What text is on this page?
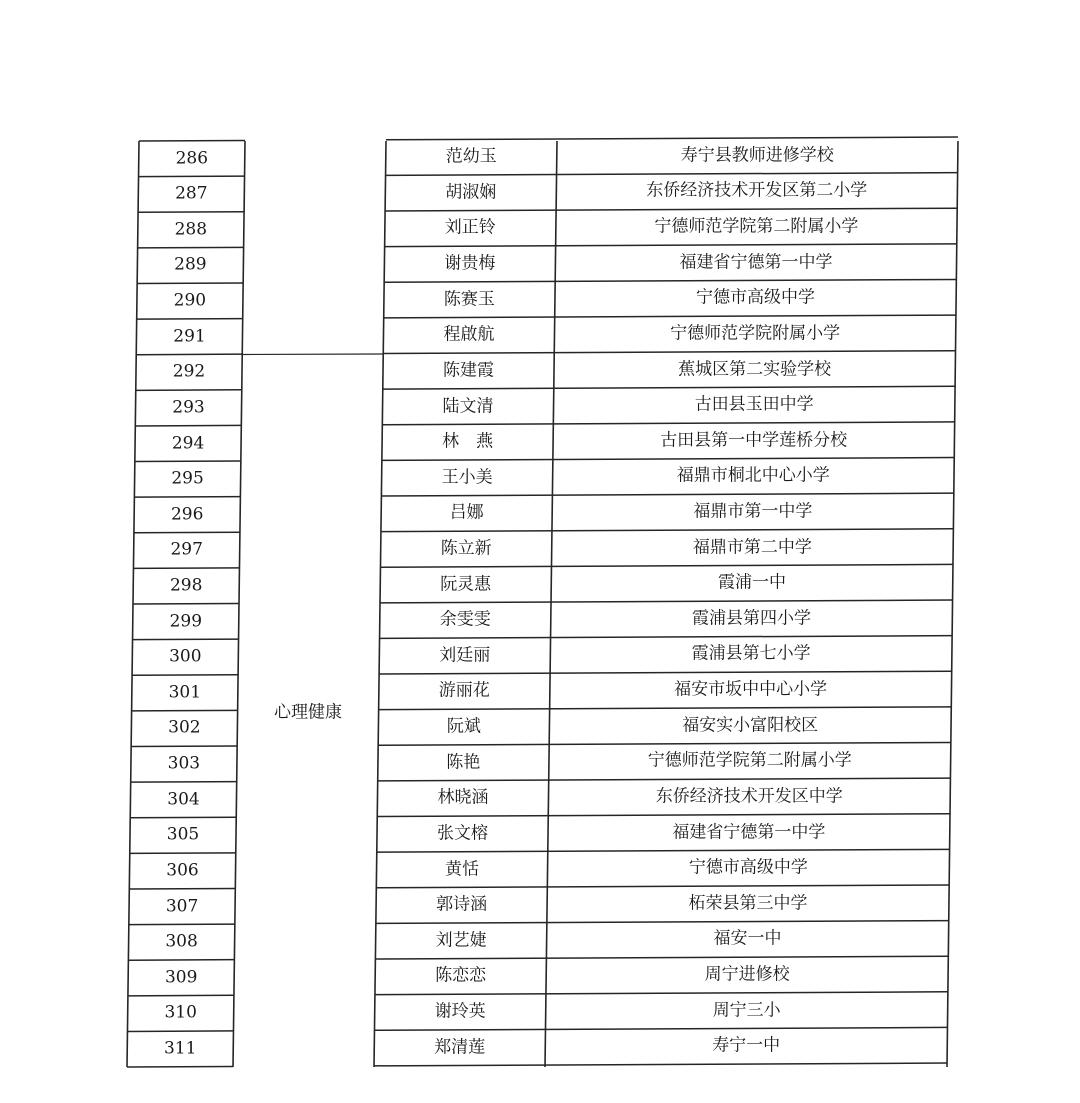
心理健康
286	范幼玉	寿宁县教师进修学校
287	胡淑娴	东侨经济技术开发区第二小学
288	刘正铃	宁德师范学院第二附属小学
289	谢贵梅	福建省宁德第一中学
290	陈赛玉	宁德市高级中学
291	程啟航	宁德师范学院附属小学
292	陈建霞	蕉城区第二实验学校
293	陆文清	古田县玉田中学
294	林　燕	古田县第一中学莲桥分校
295	王小美	福鼎市桐北中心小学
296	吕娜	福鼎市第一中学
297	陈立新	福鼎市第二中学
298	阮灵惠	霞浦一中
299	余雯雯	霞浦县第四小学
300	刘廷丽	霞浦县第七小学
301	游丽花	福安市坂中中心小学
302	阮斌	福安实小富阳校区
303	陈艳	宁德师范学院第二附属小学
304	林晓涵	东侨经济技术开发区中学
305	张文榕	福建省宁德第一中学
306	黄恬	宁德市高级中学
307	郭诗涵	柘荣县第三中学
308	刘艺婕	福安一中
309	陈恋恋	周宁进修校
310	谢玲英	周宁三小
311	郑清莲	寿宁一中
